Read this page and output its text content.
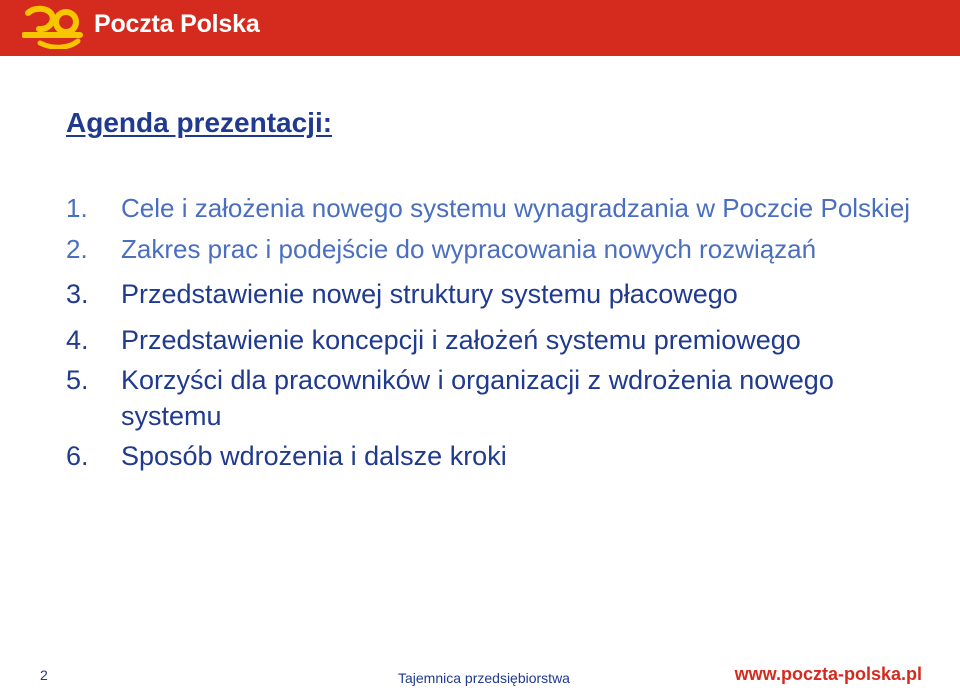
Poczta Polska
Agenda prezentacji:
1.	Cele i założenia nowego systemu wynagradzania w Poczcie Polskiej
2.	Zakres prac i podejście do wypracowania nowych rozwiązań
3.	Przedstawienie nowej struktury systemu płacowego
4.	Przedstawienie koncepcji i założeń systemu premiowego
5.	Korzyści dla pracowników i organizacji z wdrożenia nowego systemu
6.	Sposób wdrożenia i dalsze kroki
2	Tajemnica przedsiębiorstwa	www.poczta-polska.pl
